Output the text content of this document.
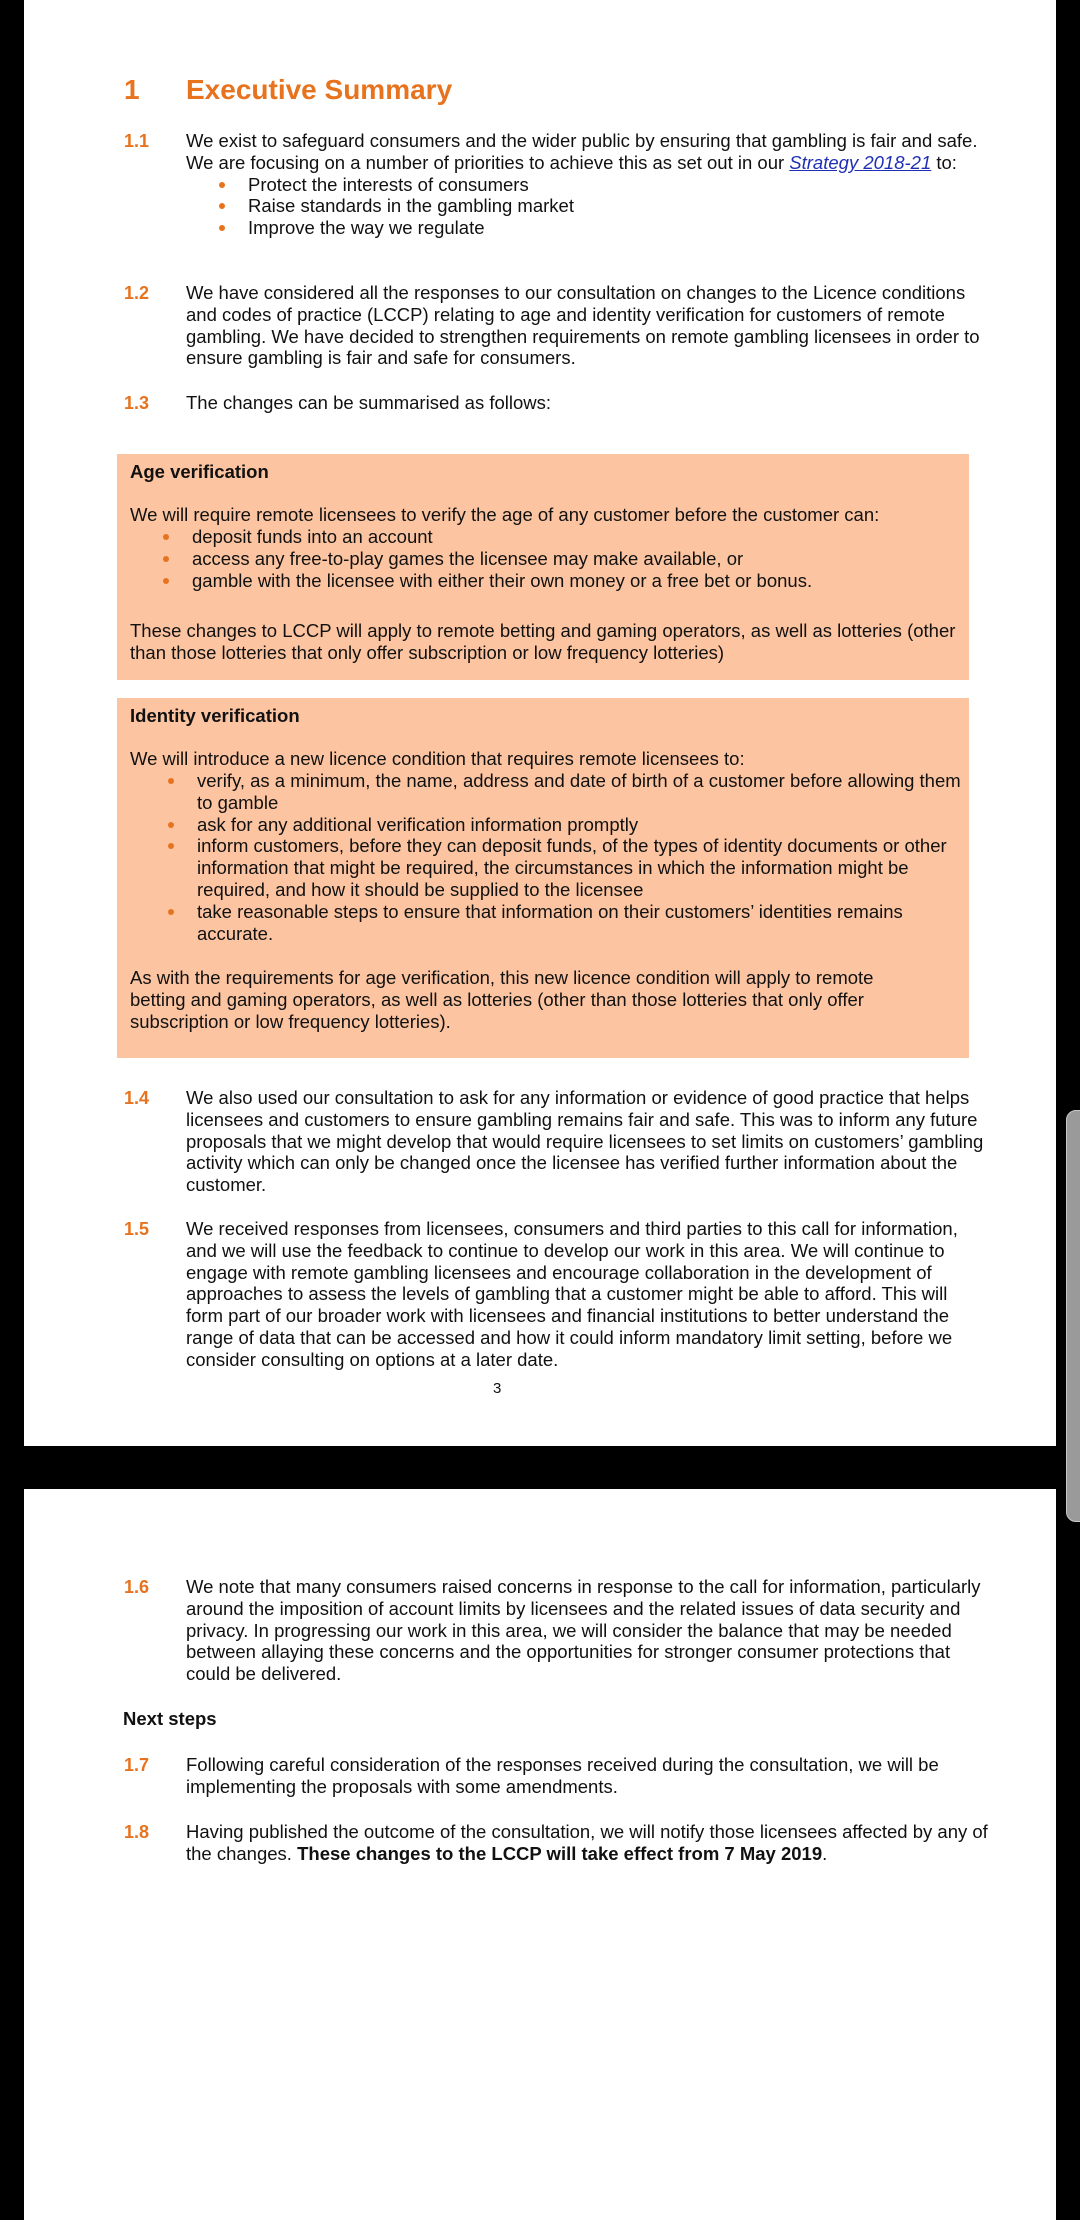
1 Executive Summary
1.1 We exist to safeguard consumers and the wider public by ensuring that gambling is fair and safe. We are focusing on a number of priorities to achieve this as set out in our Strategy 2018-21 to:
Protect the interests of consumers
Raise standards in the gambling market
Improve the way we regulate
1.2 We have considered all the responses to our consultation on changes to the Licence conditions and codes of practice (LCCP) relating to age and identity verification for customers of remote gambling. We have decided to strengthen requirements on remote gambling licensees in order to ensure gambling is fair and safe for consumers.
1.3 The changes can be summarised as follows:
Age verification
We will require remote licensees to verify the age of any customer before the customer can:
deposit funds into an account
access any free-to-play games the licensee may make available, or
gamble with the licensee with either their own money or a free bet or bonus.
These changes to LCCP will apply to remote betting and gaming operators, as well as lotteries (other than those lotteries that only offer subscription or low frequency lotteries)
Identity verification
We will introduce a new licence condition that requires remote licensees to:
verify, as a minimum, the name, address and date of birth of a customer before allowing them to gamble
ask for any additional verification information promptly
inform customers, before they can deposit funds, of the types of identity documents or other information that might be required, the circumstances in which the information might be required, and how it should be supplied to the licensee
take reasonable steps to ensure that information on their customers’ identities remains accurate.
As with the requirements for age verification, this new licence condition will apply to remote betting and gaming operators, as well as lotteries (other than those lotteries that only offer subscription or low frequency lotteries).
1.4 We also used our consultation to ask for any information or evidence of good practice that helps licensees and customers to ensure gambling remains fair and safe. This was to inform any future proposals that we might develop that would require licensees to set limits on customers’ gambling activity which can only be changed once the licensee has verified further information about the customer.
1.5 We received responses from licensees, consumers and third parties to this call for information, and we will use the feedback to continue to develop our work in this area. We will continue to engage with remote gambling licensees and encourage collaboration in the development of approaches to assess the levels of gambling that a customer might be able to afford. This will form part of our broader work with licensees and financial institutions to better understand the range of data that can be accessed and how it could inform mandatory limit setting, before we consider consulting on options at a later date.
3
1.6 We note that many consumers raised concerns in response to the call for information, particularly around the imposition of account limits by licensees and the related issues of data security and privacy. In progressing our work in this area, we will consider the balance that may be needed between allaying these concerns and the opportunities for stronger consumer protections that could be delivered.
Next steps
1.7 Following careful consideration of the responses received during the consultation, we will be implementing the proposals with some amendments.
1.8 Having published the outcome of the consultation, we will notify those licensees affected by any of the changes. These changes to the LCCP will take effect from 7 May 2019.
